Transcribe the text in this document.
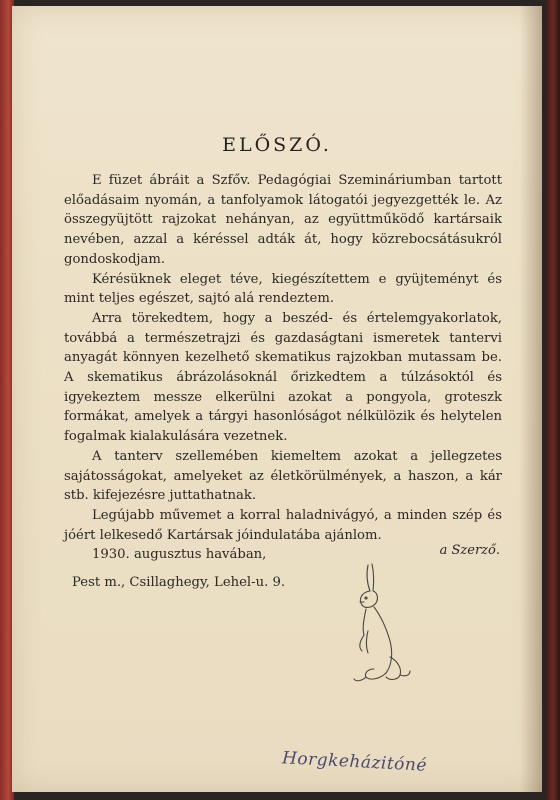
ELŐSZÓ.

E füzet ábráit a Szfőv. Pedagógiai Szemináriumban tartott előadásaim nyomán, a tanfolyamok látogatói jegyezgették le. Az összegyüjtött rajzokat nehányan, az együttműködő kartársaik nevében, azzal a kéréssel adták át, hogy közrebocsátásukról gondoskodjam.

Kérésüknek eleget téve, kiegészítettem e gyüjteményt és mint teljes egészet, sajtó alá rendeztem.

Arra törekedtem, hogy a beszéd- és értelemgyakorlatok, továbbá a természetrajzi és gazdaságtani ismeretek tantervi anyagát könnyen kezelhető skematikus rajzokban mutassam be. A skematikus ábrázolásoknál őrizkedtem a túlzásoktól és igyekeztem messze elkerülni azokat a pongyola, groteszk formákat, amelyek a tárgyi hasonlóságot nélkülözik és helytelen fogalmak kialakulására vezetnek.

A tanterv szellemében kiemeltem azokat a jellegzetes sajátosságokat, amelyeket az életkörülmények, a haszon, a kár stb. kifejezésre juttathatnak.

Legújabb művemet a korral haladnivágyó, a minden szép és jóért lelkesedő Kartársak jóindulatába ajánlom.

1930. augusztus havában,	a Szerző.
Pest m., Csillaghegy, Lehel-u. 9.
Horgkeházitóné
